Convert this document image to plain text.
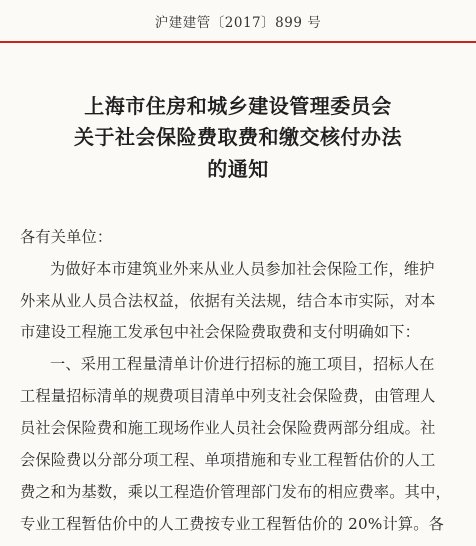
沪建建管〔2017〕899 号
上海市住房和城乡建设管理委员会
关于社会保险费取费和缴交核付办法
的通知
各有关单位：
为做好本市建筑业外来从业人员参加社会保险工作，维护
外来从业人员合法权益，依据有关法规，结合本市实际，对本
市建设工程施工发承包中社会保险费取费和支付明确如下：
一、采用工程量清单计价进行招标的施工项目，招标人在
工程量招标清单的规费项目清单中列支社会保险费，由管理人
员社会保险费和施工现场作业人员社会保险费两部分组成。社
会保险费以分部分项工程、单项措施和专业工程暂估价的人工
费之和为基数，乘以工程造价管理部门发布的相应费率。其中，
专业工程暂估价中的人工费按专业工程暂估价的 20%计算。各
